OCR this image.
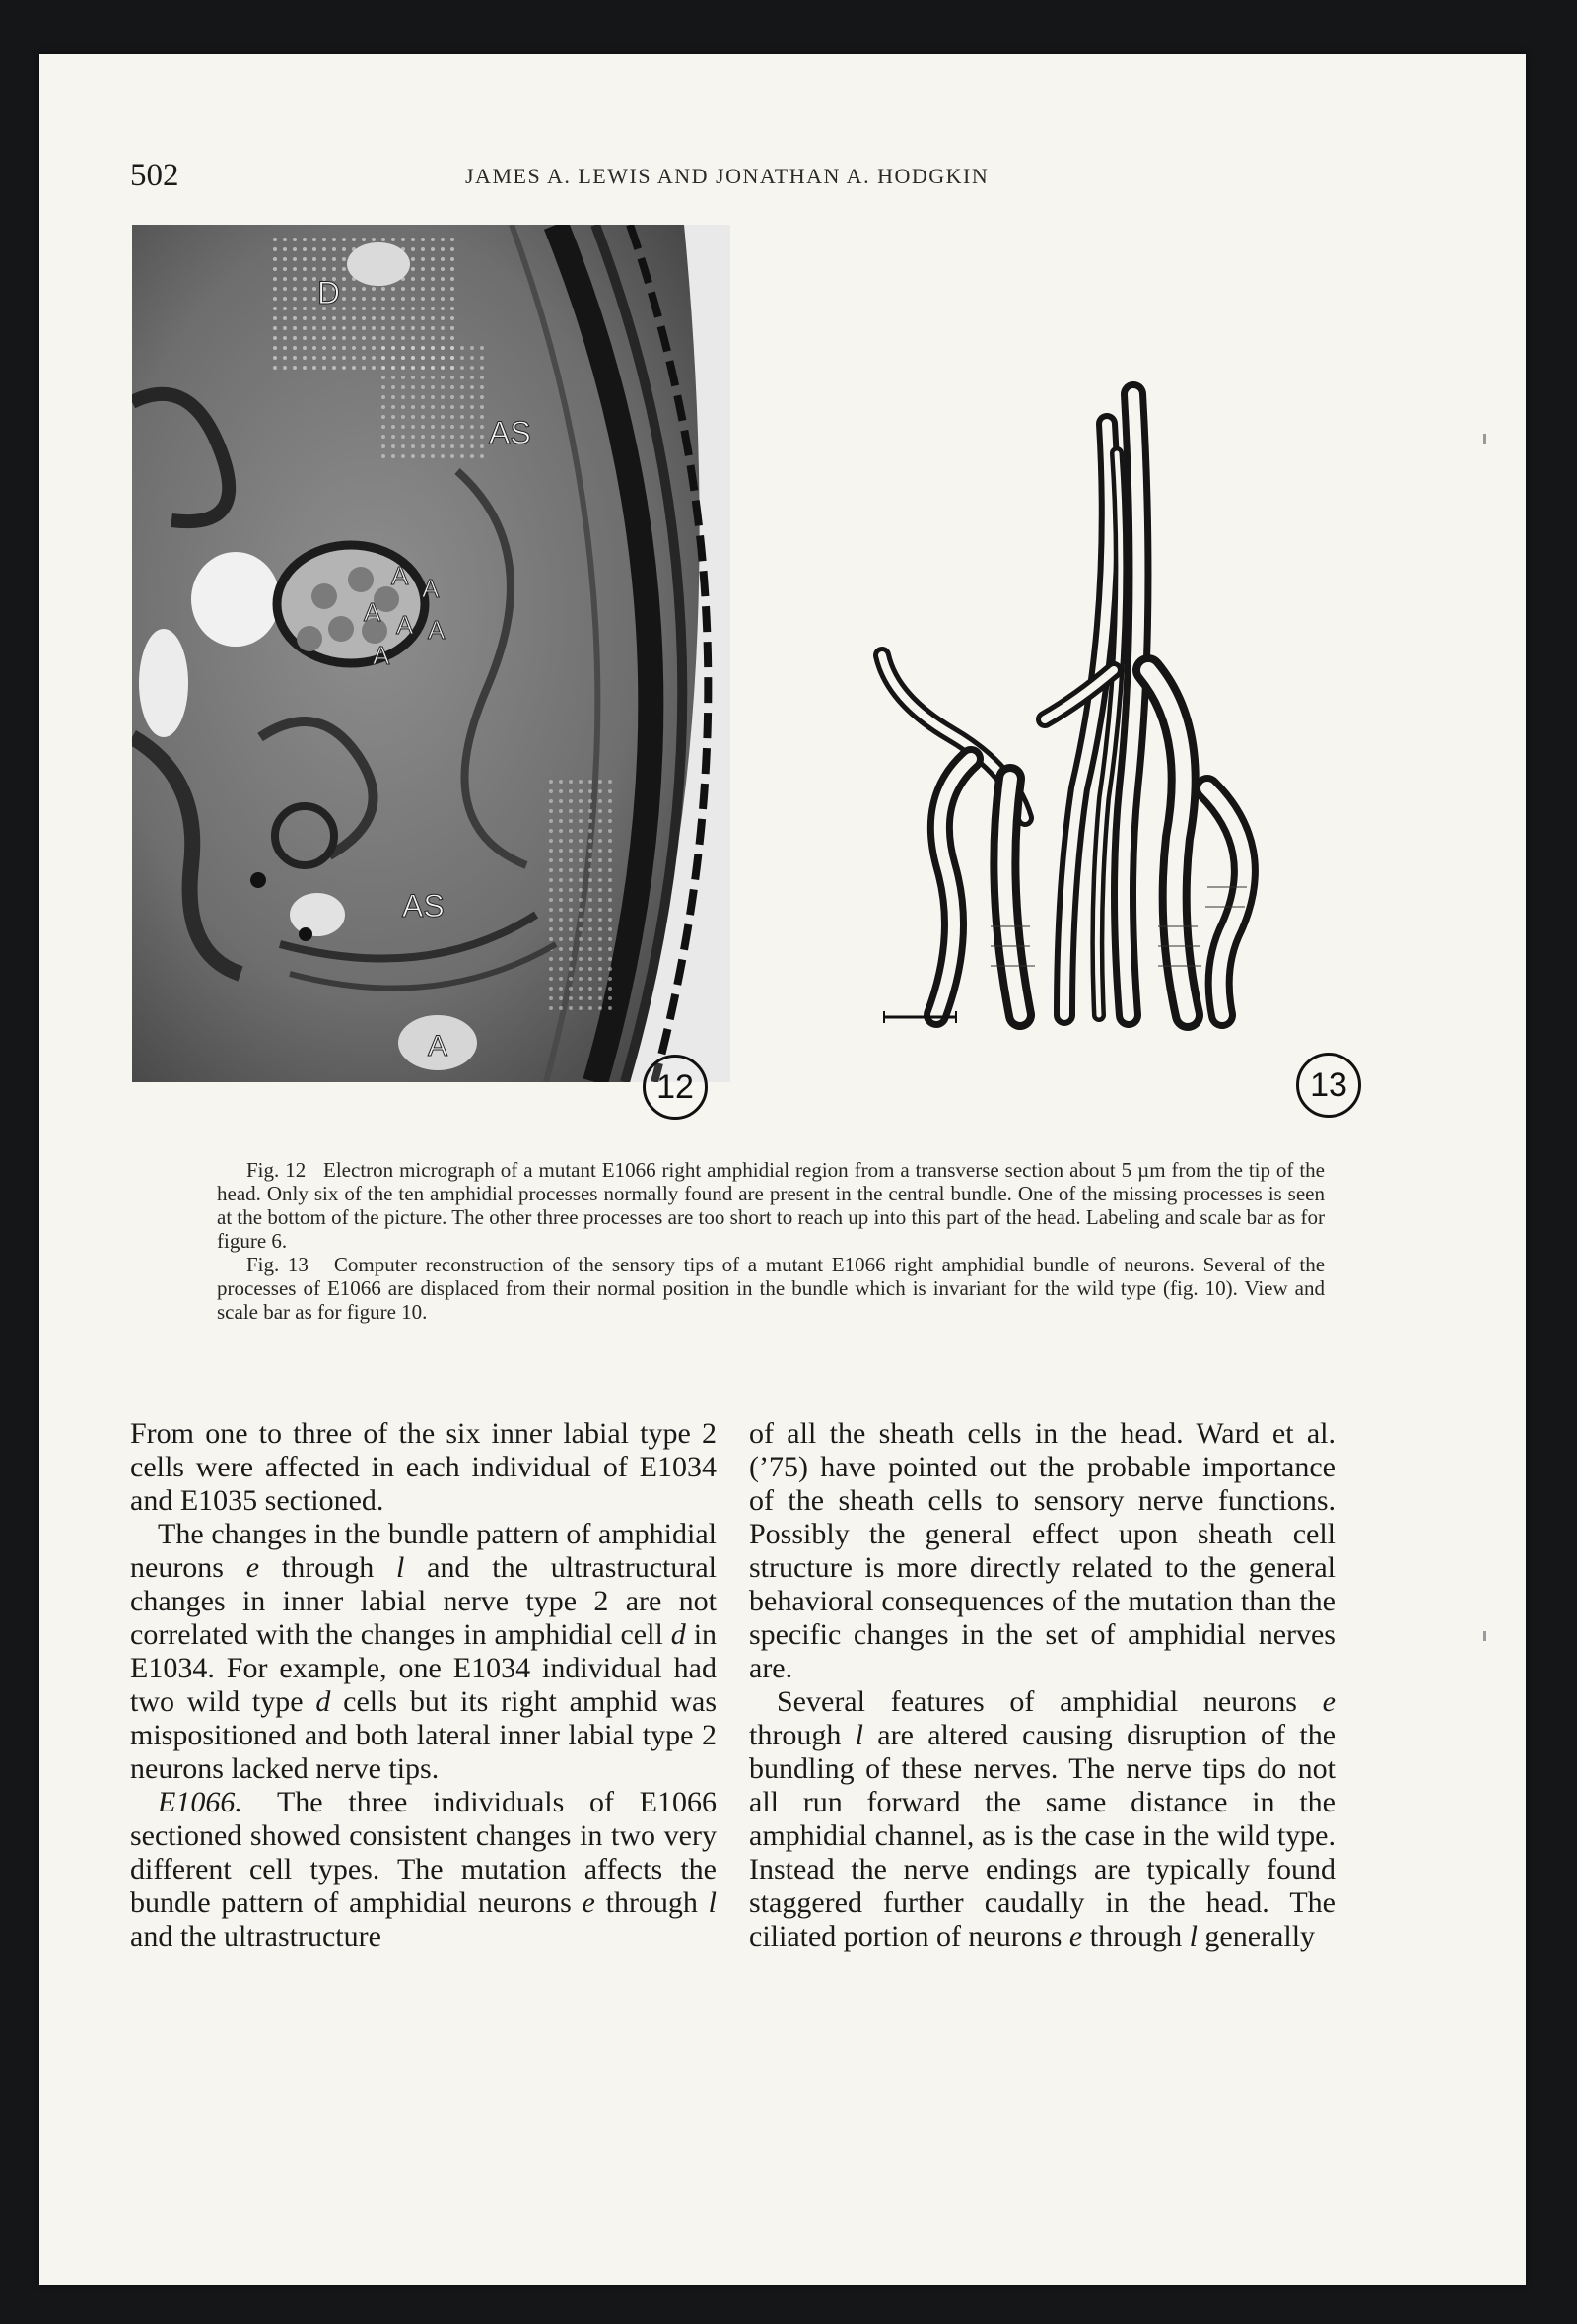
502	JAMES A. LEWIS AND JONATHAN A. HODGKIN
D
AS
A A
A A A
A
AS
A
12	13

Fig. 12 Electron micrograph of a mutant E1066 right amphidial region from a transverse section about 5 µm from the tip of the head. Only six of the ten amphidial processes normally found are present in the central bundle. One of the missing processes is seen at the bottom of the picture. The other three processes are too short to reach up into this part of the head. Labeling and scale bar as for figure 6.

Fig. 13 Computer reconstruction of the sensory tips of a mutant E1066 right amphidial bundle of neurons. Several of the processes of E1066 are displaced from their normal position in the bundle which is invariant for the wild type (fig. 10). View and scale bar as for figure 10.

From one to three of the six inner labial type 2 cells were affected in each individual of E1034 and E1035 sectioned.

The changes in the bundle pattern of amphidial neurons e through l and the ultrastructural changes in inner labial nerve type 2 are not correlated with the changes in amphidial cell d in E1034. For example, one E1034 individual had two wild type d cells but its right amphid was mispositioned and both lateral inner labial type 2 neurons lacked nerve tips.

E1066. The three individuals of E1066 sectioned showed consistent changes in two very different cell types. The mutation affects the bundle pattern of amphidial neurons e through l and the ultrastructure

of all the sheath cells in the head. Ward et al. (’75) have pointed out the probable importance of the sheath cells to sensory nerve functions. Possibly the general effect upon sheath cell structure is more directly related to the general behavioral consequences of the mutation than the specific changes in the set of amphidial nerves are.

Several features of amphidial neurons e through l are altered causing disruption of the bundling of these nerves. The nerve tips do not all run forward the same distance in the amphidial channel, as is the case in the wild type. Instead the nerve endings are typically found staggered further caudally in the head. The ciliated portion of neurons e through l generally
